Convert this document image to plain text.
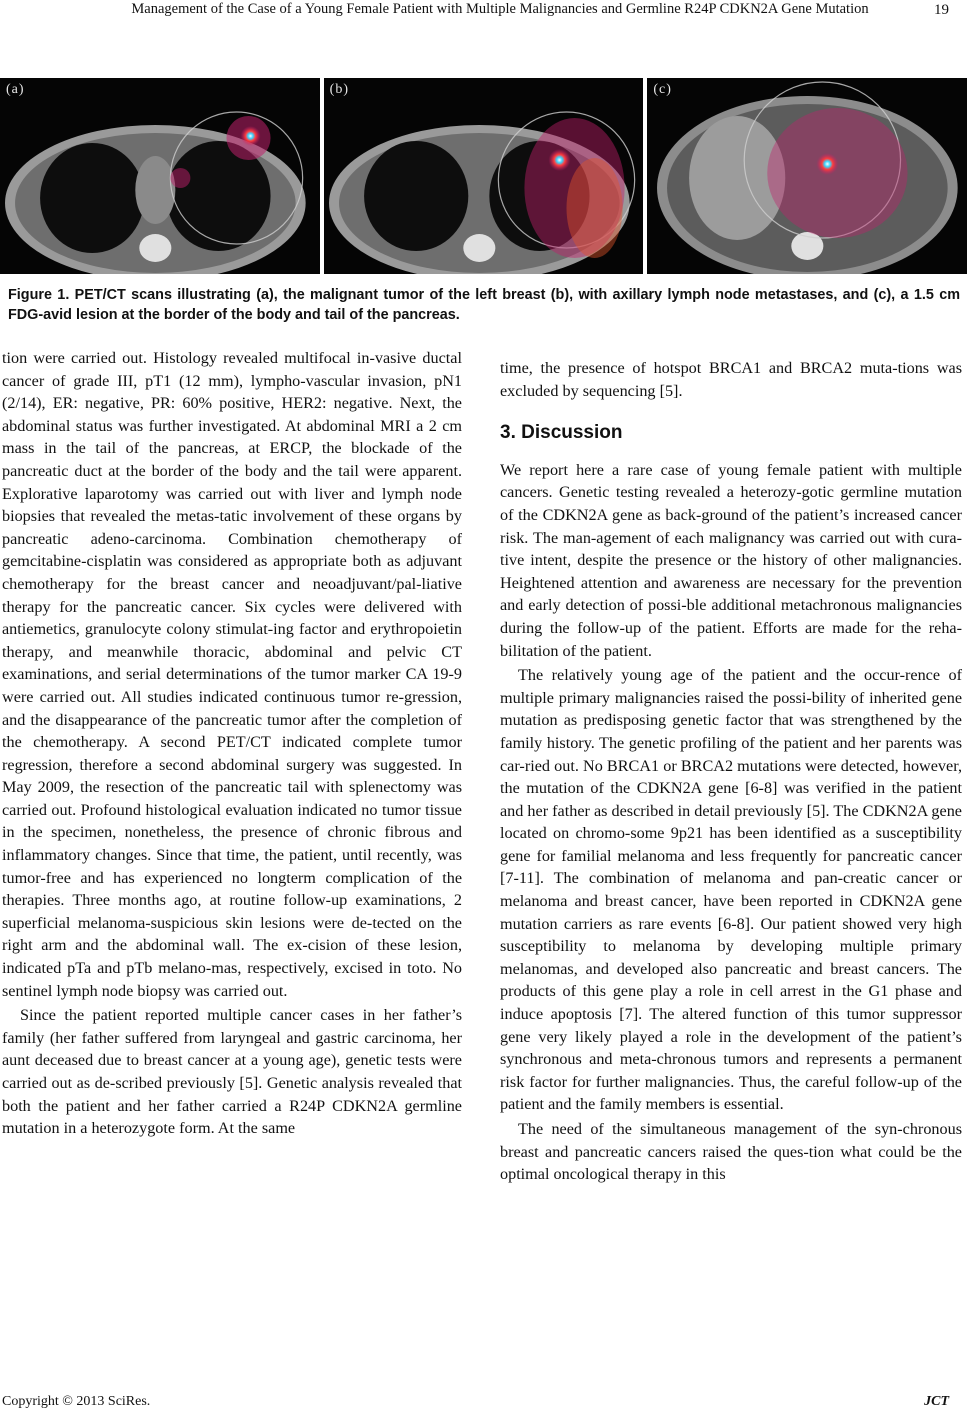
Management of the Case of a Young Female Patient with Multiple Malignancies and Germline R24P CDKN2A Gene Mutation	19
(a)	(b)	(c)
Figure 1. PET/CT scans illustrating (a), the malignant tumor of the left breast (b), with axillary lymph node metastases, and (c), a 1.5 cm FDG-avid lesion at the border of the body and tail of the pancreas.

tion were carried out. Histology revealed multifocal in-vasive ductal cancer of grade III, pT1 (12 mm), lympho-vascular invasion, pN1 (2/14), ER: negative, PR: 60% positive, HER2: negative. Next, the abdominal status was further investigated. At abdominal MRI a 2 cm mass in the tail of the pancreas, at ERCP, the blockade of the pancreatic duct at the border of the body and the tail were apparent. Explorative laparotomy was carried out with liver and lymph node biopsies that revealed the metas-tatic involvement of these organs by pancreatic adeno-carcinoma. Combination chemotherapy of gemcitabine-cisplatin was considered as appropriate both as adjuvant chemotherapy for the breast cancer and neoadjuvant/pal-liative therapy for the pancreatic cancer. Six cycles were delivered with antiemetics, granulocyte colony stimulat-ing factor and erythropoietin therapy, and meanwhile thoracic, abdominal and pelvic CT examinations, and serial determinations of the tumor marker CA 19-9 were carried out. All studies indicated continuous tumor re-gression, and the disappearance of the pancreatic tumor after the completion of the chemotherapy. A second PET/CT indicated complete tumor regression, therefore a second abdominal surgery was suggested. In May 2009, the resection of the pancreatic tail with splenectomy was carried out. Profound histological evaluation indicated no tumor tissue in the specimen, nonetheless, the presence of chronic fibrous and inflammatory changes. Since that time, the patient, until recently, was tumor-free and has experienced no longterm complication of the therapies. Three months ago, at routine follow-up examinations, 2 superficial melanoma-suspicious skin lesions were de-tected on the right arm and the abdominal wall. The ex-cision of these lesion, indicated pTa and pTb melano-mas, respectively, excised in toto. No sentinel lymph node biopsy was carried out.

Since the patient reported multiple cancer cases in her father’s family (her father suffered from laryngeal and gastric carcinoma, her aunt deceased due to breast cancer at a young age), genetic tests were carried out as de-scribed previously [5]. Genetic analysis revealed that both the patient and her father carried a R24P CDKN2A germline mutation in a heterozygote form. At the same

time, the presence of hotspot BRCA1 and BRCA2 muta-tions was excluded by sequencing [5].

3. Discussion

We report here a rare case of young female patient with multiple cancers. Genetic testing revealed a heterozy-gotic germline mutation of the CDKN2A gene as back-ground of the patient’s increased cancer risk. The man-agement of each malignancy was carried out with cura-tive intent, despite the presence or the history of other malignancies. Heightened attention and awareness are necessary for the prevention and early detection of possi-ble additional metachronous malignancies during the follow-up of the patient. Efforts are made for the reha-bilitation of the patient.

The relatively young age of the patient and the occur-rence of multiple primary malignancies raised the possi-bility of inherited gene mutation as predisposing genetic factor that was strengthened by the family history. The genetic profiling of the patient and her parents was car-ried out. No BRCA1 or BRCA2 mutations were detected, however, the mutation of the CDKN2A gene [6-8] was verified in the patient and her father as described in detail previously [5]. The CDKN2A gene located on chromo-some 9p21 has been identified as a susceptibility gene for familial melanoma and less frequently for pancreatic cancer [7-11]. The combination of melanoma and pan-creatic cancer or melanoma and breast cancer, have been reported in CDKN2A gene mutation carriers as rare events [6-8]. Our patient showed very high susceptibility to melanoma by developing multiple primary melanomas, and developed also pancreatic and breast cancers. The products of this gene play a role in cell arrest in the G1 phase and induce apoptosis [7]. The altered function of this tumor suppressor gene very likely played a role in the development of the patient’s synchronous and meta-chronous tumors and represents a permanent risk factor for further malignancies. Thus, the careful follow-up of the patient and the family members is essential.

The need of the simultaneous management of the syn-chronous breast and pancreatic cancers raised the ques-tion what could be the optimal oncological therapy in this

Copyright © 2013 SciRes.	JCT
